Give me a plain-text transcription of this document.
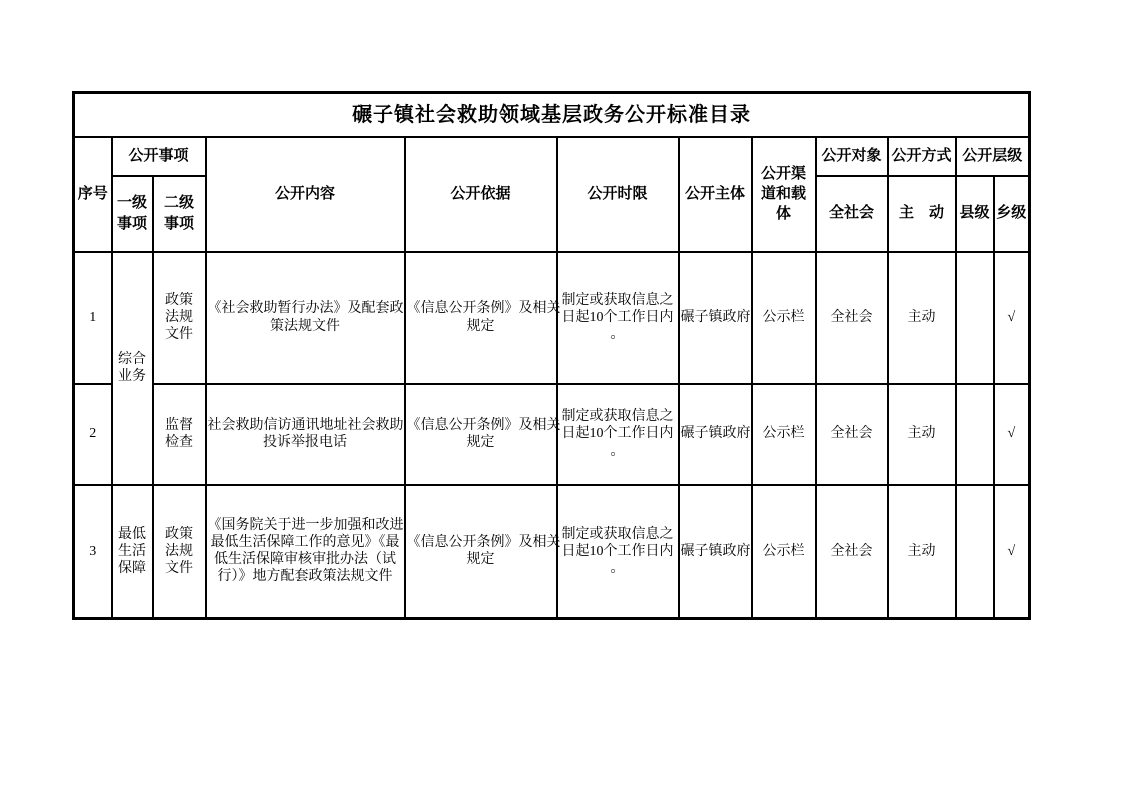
碾子镇社会救助领域基层政务公开标准目录											
序号	公开事项		公开内容	公开依据	公开时限	公开主体	公开渠
道和载
体	公开对象	公开方式	公开层级	
	一级
事项	二级
事项						全社会	主　动	县级	乡级
1	综合
业务	政策
法规
文件	《社会救助暂行办法》及配套政
策法规文件	《信息公开条例》及相关
规定	制定或获取信息之
日起10个工作日内
。	碾子镇政府	公示栏	全社会	主动		√
2		监督
检查	社会救助信访通讯地址社会救助
投诉举报电话	《信息公开条例》及相关
规定	制定或获取信息之
日起10个工作日内
。	碾子镇政府	公示栏	全社会	主动		√
3	最低
生活
保障	政策
法规
文件	《国务院关于进一步加强和改进
最低生活保障工作的意见》《最
低生活保障审核审批办法（试
行）》地方配套政策法规文件	《信息公开条例》及相关
规定	制定或获取信息之
日起10个工作日内
。	碾子镇政府	公示栏	全社会	主动		√
